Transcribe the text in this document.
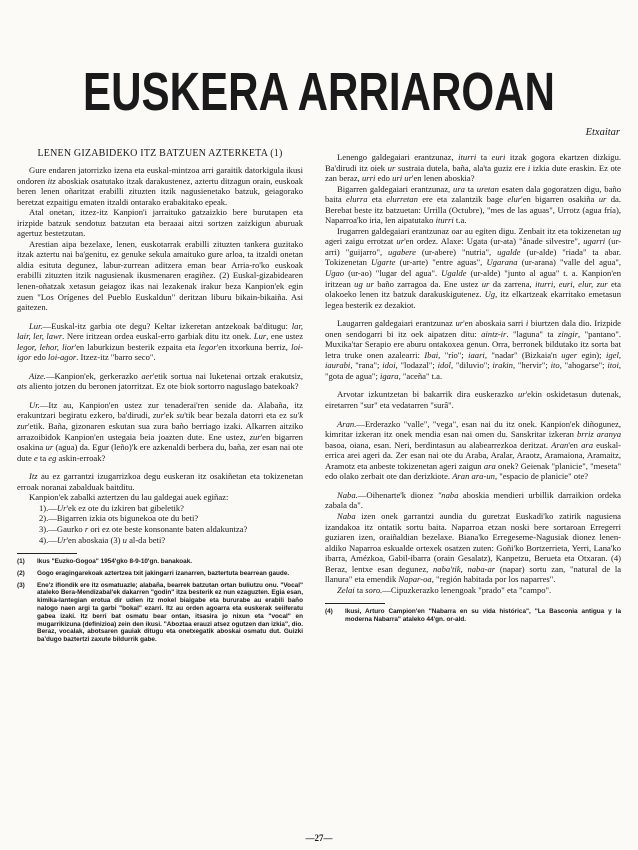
EUSKERA ARRIAROAN
Etxaitar
LENEN GIZABIDEKO ITZ BATZUEN AZTERKETA (1)

Gure endaren jatorrizko izena eta euskal-mintzoa arri garaitik datorkigula ikusi ondoren itz aboskiak osatutako itzak darakustenez, aztertu ditzagun orain, euskoak beren lenen oñaritzat erabilli zituzten itzik nagusienetako batzuk, geiagorako beretzat ezpaitigu ematen itzaldi ontarako erabakitako epeak.

Atal onetan, itzez-itz Kanpion'i jarraituko gatzaizkio bere burutapen eta irizpide batzuk sendotuz batzutan eta beraaai aitzi sortzen zaizkigun aburuak agertuz bestetzutan.

Arestian aipa bezelaxe, lenen, euskotarrak erabilli zituzten tankera guzitako itzak aztertu nai ba'genitu, ez genuke sekula amaituko gure arloa, ta itzaldi onetan aldia esituta degunez, labur-zurrean aditzera eman bear Arria-ro'ko euskoak erabilli zituzten itzik nagusienak ikusmenaren eragiñez. (2) Euskal-gizabidearen lenen-oñatzak xetasun geiagoz ikas nai lezakenak irakur beza Kanpion'ek egin zuen "Los Orígenes del Pueblo Euskaldun" deritzan liburu bikain-bikaiña. Asi gaitezen.

Lur.—Euskal-itz garbia ote degu? Keltar izkeretan antzekoak ba'ditugu: lar, lair, ler, lawr. Nere iritzean ordea euskal-erro garbiak ditu itz onek. Lur, ene ustez legor, lehor, lior'en laburkizun besterik ezpaita eta legor'en itxorkuna berriz, loi-igor edo loi-agor. Itzez-itz "barro seco".

Aize.—Kanpion'ek, gerkerazko aer'etik sortua nai luketenai ortzak erakutsiz, ats aliento jotzen du beronen jatorritzat. Ez ote biok sortorro naguslago batekoak?

Ur.—Itz au, Kanpion'en ustez zur tenaderai'ren senide da. Alabaña, itz erakuntzari begiratu ezkero, ba'dirudi, zur'ek su'tik bear bezala datorri eta ez su'k zur'etik. Baña, gizonaren eskutan sua zura baño berriago izaki. Alkarren aitziko arrazoibidok Kanpion'en ustegaia beia joazten dute. Ene ustez, zur'en bigarren osakina ur (agua) da. Egur (leño)'k ere azkenaldi berbera du, baña, zer esan nai ote dute e ta eg askin-erroak?

Itz au ez garrantzi izugarrizkoa degu euskeran itz osakiñetan eta tokizenetan erroak noranai zabalduak baitditu.

Kanpion'ek zabalki aztertzen du lau galdegai auek egiñaz:

1).—Ur'ek ez ote du izkiren bat gibeletik?
2).—Bigarren izkia ots bigunekoa ote du beti?
3).—Gaurko r ori ez ote beste konsonante baten aldakuntza?
4).—Ur'en aboskaia (3) u al-da beti?
(1)	Ikus "Euzko-Gogoa" 1954'gko 8-9-10'gn. banakoak.
(2)	Gogo eragingarekoak aztertzea txit jakingarri izanarren, baztertuta bearrean gaude.
(3)	Ene'z ifiondik ere itz osmatuazle; alabaña, bearrek batzutan ortan buliutzu onu. "Vocal" ataleko Bera-Mendizabal'ek dakarren "godin" itza besterik ez nun ezaguzten. Egia esan, kimika-lantegian erotua dir udien itz mokel biaigabe eta bururabe au erabili baño nalogo naen argi ta garbi "bokal" ezarri. Itz au orden agoarra eta euskerak seiiferatu gabea izaki. Itz berri bat osmatu bear ontan, itsasira jo nixun eta "vocal" en mugarrikizuna (definizioa) zein den ikusi. "Aboztaa erauzi atsez ogutzen dan izkia", dio. Beraz, vocalak, abotsaren gauiak ditugu eta onetxegatik aboskai osmatu dut. Guizki ba'dugo baztertzi zaxute bildurrik gabe.

Lenengo galdegaiari erantzunaz, iturri ta euri itzak gogora ekartzen dizkigu. Ba'dirudi itz oiek ur sustraia dutela, baña, ala'ta guziz ere i izkia dute eraskin. Ez ote zan beraz, urri edo uri ur'en lenen aboskia?

Bigarren galdegaiari erantzunaz, ura ta uretan esaten dala gogoratzen digu, baño baita elurra eta elurretan ere eta zalantzik bage elur'en bigarren osakiña ur da. Berebat beste itz batzuetan: Urrilla (Octubre), "mes de las aguas", Urrotz (agua fría), Naparroa'ko iria, len aipatutako iturri t.a.

Irugarren galdegaiari erantzunaz oar au egiten digu. Zenbait itz eta tokizenetan ug ageri zaigu errotzat ur'en ordez. Alaxe: Ugata (ur-ata) "ánade silvestre", ugarri (ur-arri) "guijarro", ugabere (ur-abere) "nutria", ugalde (ur-alde) "riada" ta abar. Tokizenetan Ugarte (ur-arte) "entre aguas", Ugarana (ur-arana) "valle del agua", Ugao (ur-ao) "lugar del agua". Ugalde (ur-alde) "junto al agua" t. a. Kanpion'en iritzean ug ur baño zarragoa da. Ene ustez ur da zarrena, iturri, euri, elur, zur eta olakoeko lenen itz batzuk darakuskigutenez. Ug, itz elkartzeak ekarritako emetasun legea besterik ez dezakiot.

Laugarren galdegaiari erantzunaz ur'en aboskaia sarri i biurtzen dala dio. Irizpide onen sendogarri bi itz oek aipatzen ditu: aintz-ir. "laguna" ta zingir, "pantano". Muxika'tar Serapio ere aburu ontakoxea genun. Orra, berronek bildutako itz sorta bat letra truke onen azalearri: Ibai, "río"; iaari, "nadar" (Bizkaia'n uger egin); igel, iaurabi, "rana"; idoi, "lodazal"; idol, "diluvio"; irakin, "hervir"; ito, "ahogarse"; itoi, "gota de agua"; igara, "aceña" t.a.

Arvotar izkuntzetan bi bakarrik dira euskerazko ur'ekin oskidetasun dutenak, eiretarren "sur" eta vedatarren "surâ".

Aran.—Erderazko "valle", "vega", esan nai du itz onek. Kanpion'ek diñogunez, kimritar izkeran itz onek mendia esan nai omen du. Sanskritar izkeran brriz aranya basoa, oiana, esan. Neri, berdintasun au alabearrezkoa deritzat. Aran'en ara euskal-errica arei ageri da. Zer esan nai ote du Araba, Aralar, Araotz, Aramaiona, Aramaitz, Aramotz eta anbeste tokizenetan ageri zaigun ara onek? Geienak "planicie", "meseta" edo olako zerbait ote dan derizkiote. Aran ara-un, "espacio de planicie" ote?

Naba.—Oihenarte'k dionez "naba aboskia mendieri urbillik darraikion ordeka zabala da".

Naba izen onek garrantzi aundia du guretzat Euskadi'ko zatirik nagusiena izandakoa itz ontatik sortu baita. Naparroa etzan noski bere sortaroan Erregerri guziaren izen, oraiñaldian bezelaxe. Biana'ko Erregeseme-Nagusiak dionez lenen-aldiko Naparroa eskualde ortexek osatzen zuten: Goñi'ko Bortzerrieta, Yerri, Lana'ko ibarra, Amézkoa, Gabil-ibarra (orain Gesalatz), Kanpetzu, Berueta eta Otxaran. (4) Beraz, lentxe esan degunez, naba'tik, naba-ar (napar) sortu zan, "natural de la llanura" eta emendik Napar-oa, "región habitada por los naparres".

Zelai ta soro.—Cipuzkerazko lenengoak "prado" eta "campo".

(4)	Ikusi, Arturo Campion'en "Nabarra en su vida histórica", "La Basconia antigua y la moderna Nabarra" ataleko 44'gn. or-ald.
—27—
